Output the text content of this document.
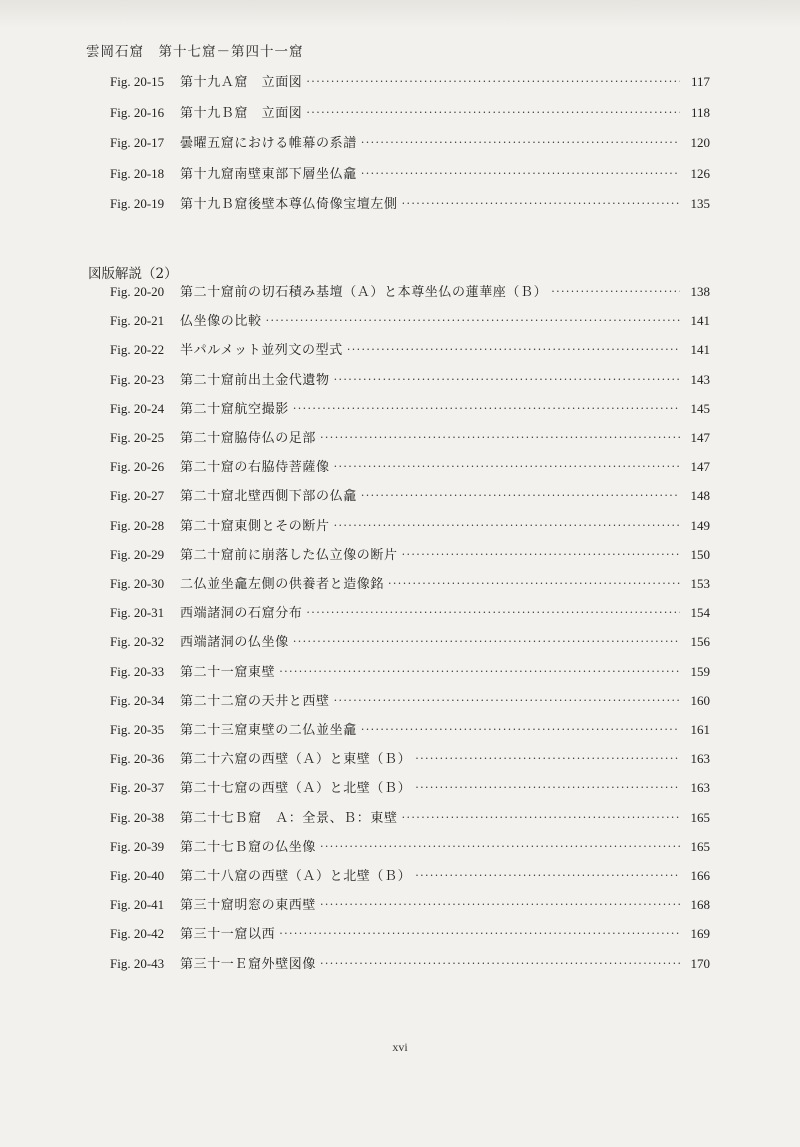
雲岡石窟　第十七窟－第四十一窟
Fig. 20-15	第十九Ａ窟　立面図 ·····	117
Fig. 20-16	第十九Ｂ窟　立面図 ·····	118
Fig. 20-17	曇曜五窟における帷幕の系譜 ·····	120
Fig. 20-18	第十九窟南壁東部下層坐仏龕 ·····	126
Fig. 20-19	第十九Ｂ窟後壁本尊仏倚像宝壇左側 ·····	135
図版解説（2）
Fig. 20-20	第二十窟前の切石積み基壇（Ａ）と本尊坐仏の蓮華座（Ｂ） ·····	138
Fig. 20-21	仏坐像の比較 ·····	141
Fig. 20-22	半パルメット並列文の型式 ·····	141
Fig. 20-23	第二十窟前出土金代遺物 ·····	143
Fig. 20-24	第二十窟航空撮影 ·····	145
Fig. 20-25	第二十窟脇侍仏の足部 ·····	147
Fig. 20-26	第二十窟の右脇侍菩薩像 ·····	147
Fig. 20-27	第二十窟北壁西側下部の仏龕 ·····	148
Fig. 20-28	第二十窟東側とその断片 ·····	149
Fig. 20-29	第二十窟前に崩落した仏立像の断片 ·····	150
Fig. 20-30	二仏並坐龕左側の供養者と造像銘 ·····	153
Fig. 20-31	西端諸洞の石窟分布 ·····	154
Fig. 20-32	西端諸洞の仏坐像 ·····	156
Fig. 20-33	第二十一窟東壁 ·····	159
Fig. 20-34	第二十二窟の天井と西壁 ·····	160
Fig. 20-35	第二十三窟東壁の二仏並坐龕 ·····	161
Fig. 20-36	第二十六窟の西壁（Ａ）と東壁（Ｂ） ·····	163
Fig. 20-37	第二十七窟の西壁（Ａ）と北壁（Ｂ） ·····	163
Fig. 20-38	第二十七Ｂ窟　Ａ：全景、Ｂ：東壁 ·····	165
Fig. 20-39	第二十七Ｂ窟の仏坐像 ·····	165
Fig. 20-40	第二十八窟の西壁（Ａ）と北壁（Ｂ） ·····	166
Fig. 20-41	第三十窟明窓の東西壁 ·····	168
Fig. 20-42	第三十一窟以西 ·····	169
Fig. 20-43	第三十一Ｅ窟外壁図像 ·····	170
xvi
